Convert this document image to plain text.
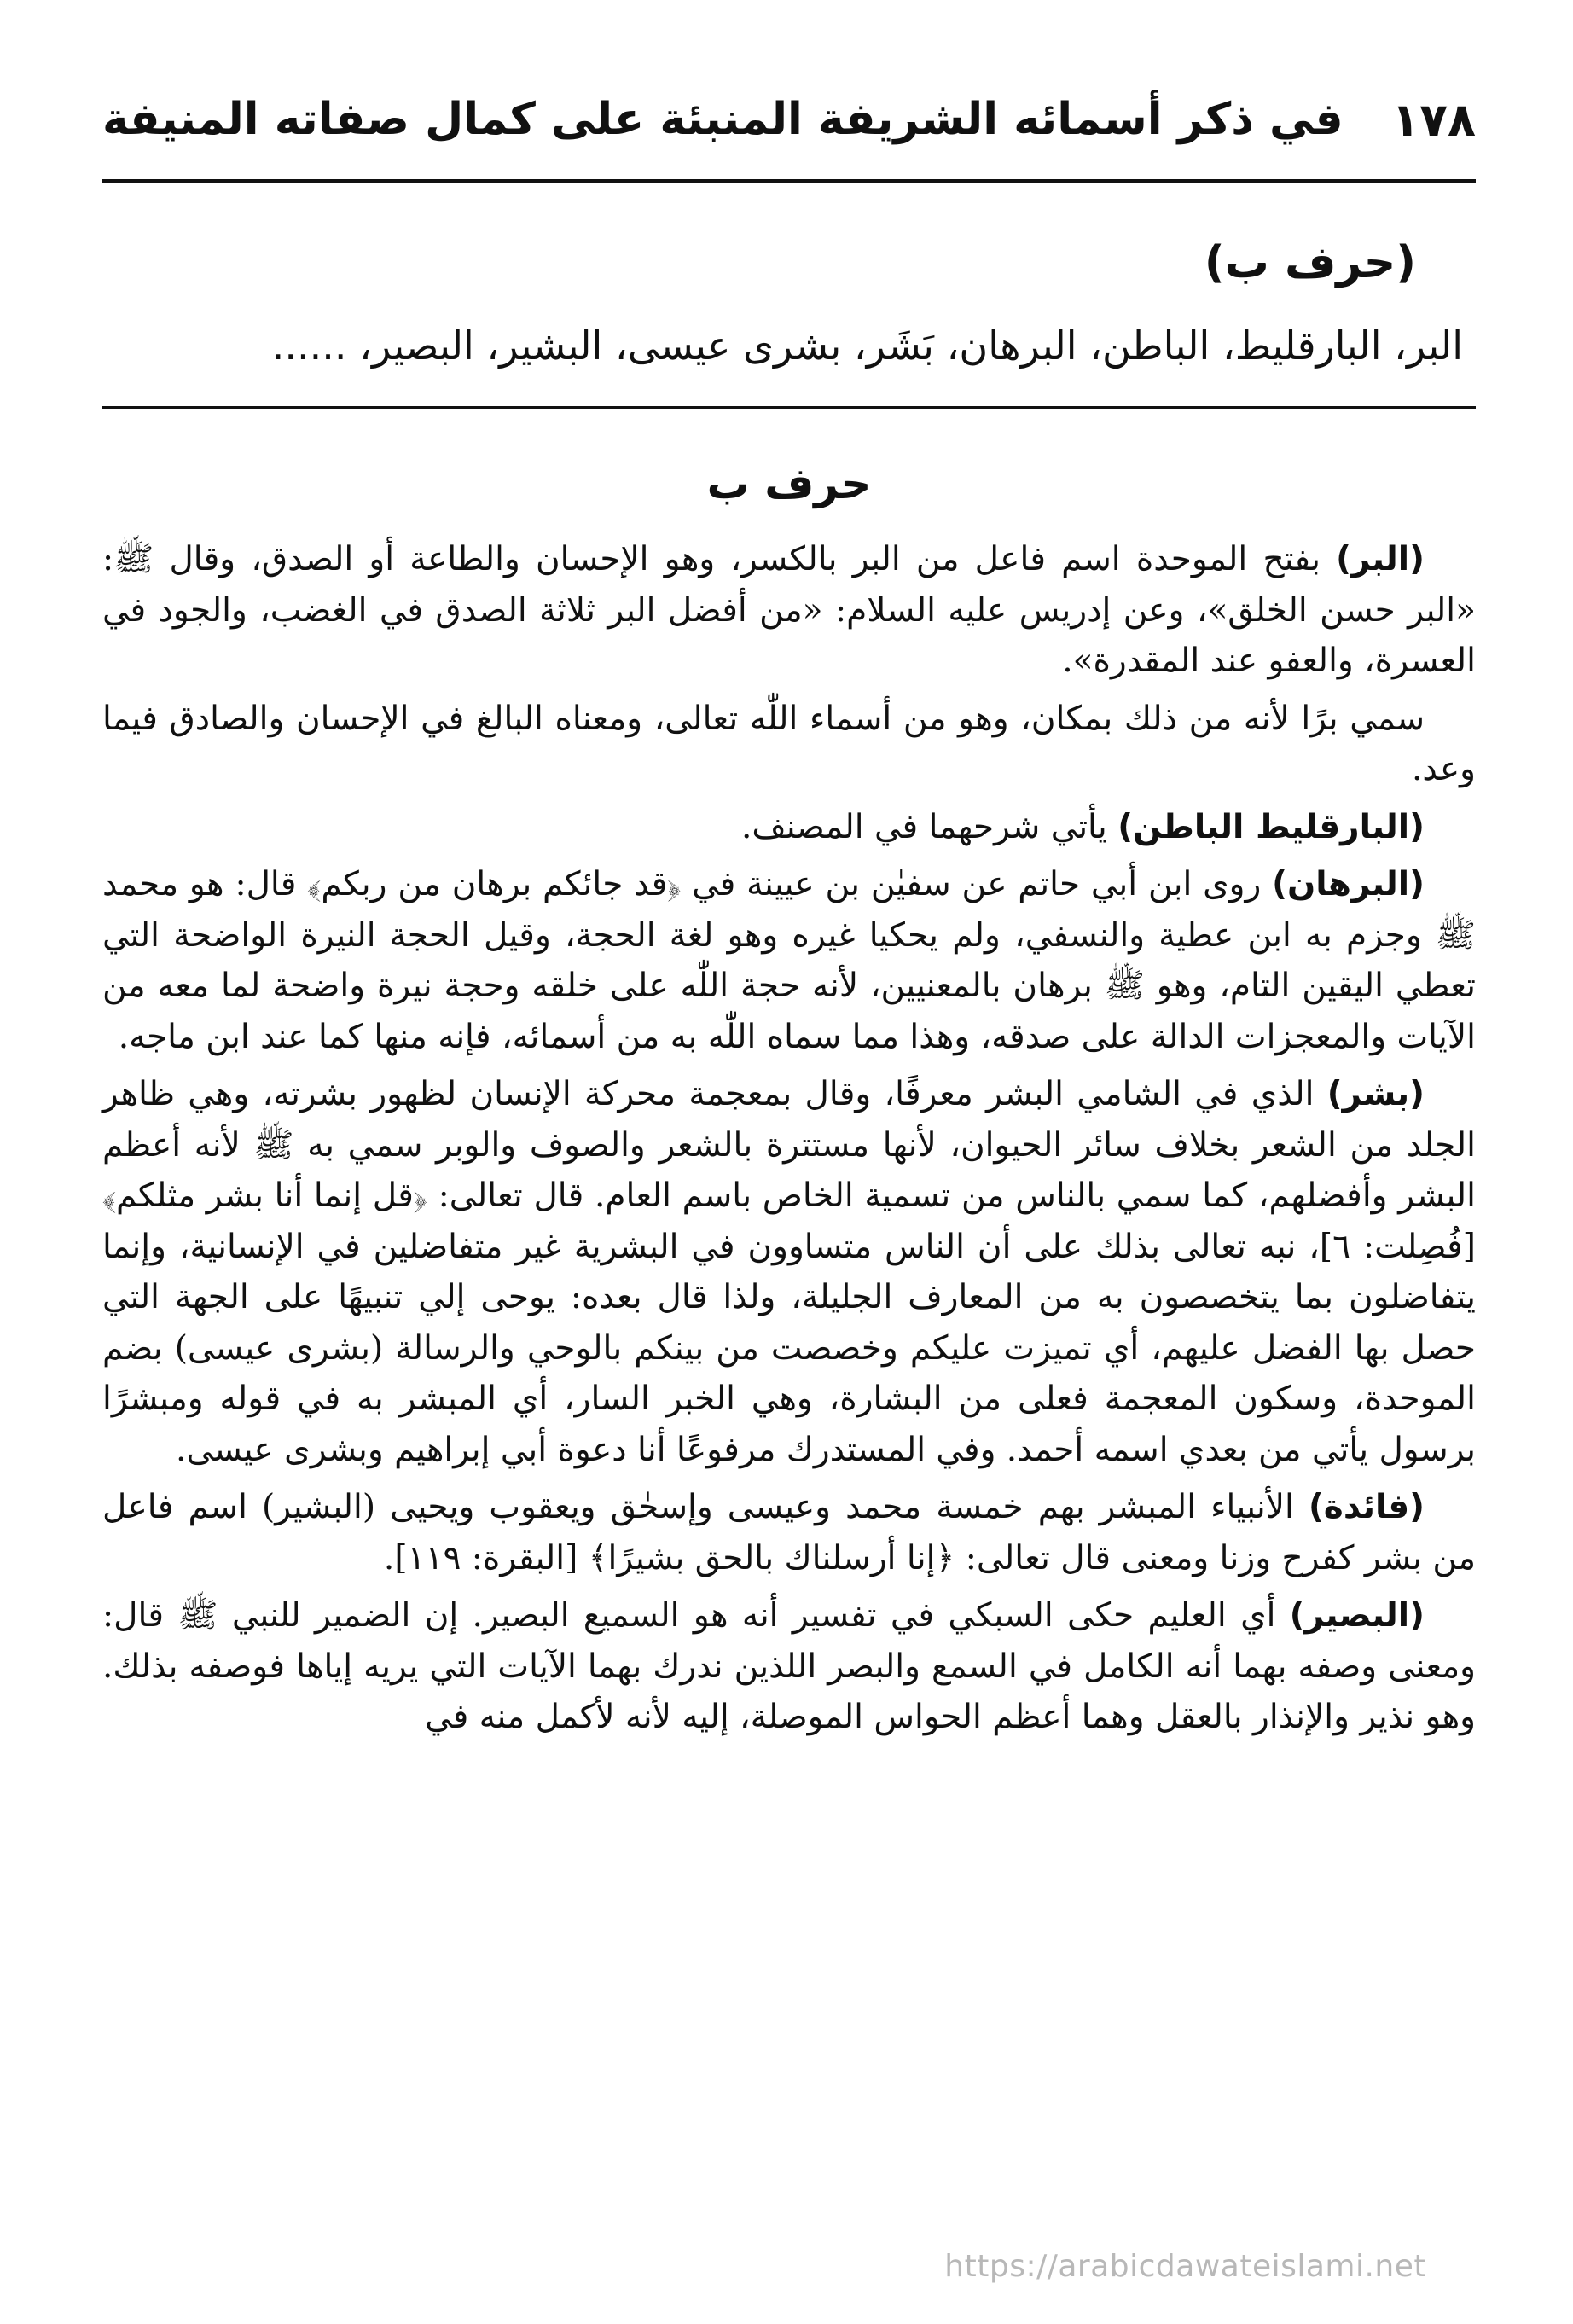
١٧٨
في ذكر أسمائه الشريفة المنبئة على كمال صفاته المنيفة
(حرف ب)
البر، البارقليط، الباطن، البرهان، بَشَر، بشرى عيسى، البشير، البصير، ......
حرف ب

(البر) بفتح الموحدة اسم فاعل من البر بالكسر، وهو الإحسان والطاعة أو الصدق، وقال ﷺ: «البر حسن الخلق»، وعن إدريس عليه السلام: «من أفضل البر ثلاثة الصدق في الغضب، والجود في العسرة، والعفو عند المقدرة».

سمي برًا لأنه من ذلك بمكان، وهو من أسماء اللّٰه تعالى، ومعناه البالغ في الإحسان والصادق فيما وعد.

(البارقليط الباطن) يأتي شرحهما في المصنف.

(البرهان) روى ابن أبي حاتم عن سفيٰن بن عيينة في ﴿قد جائكم برهان من ربكم﴾ قال: هو محمد ﷺ وجزم به ابن عطية والنسفي، ولم يحكيا غيره وهو لغة الحجة، وقيل الحجة النيرة الواضحة التي تعطي اليقين التام، وهو ﷺ برهان بالمعنيين، لأنه حجة اللّٰه على خلقه وحجة نيرة واضحة لما معه من الآيات والمعجزات الدالة على صدقه، وهذا مما سماه اللّٰه به من أسمائه، فإنه منها كما عند ابن ماجه.

(بشر) الذي في الشامي البشر معرفًا، وقال بمعجمة محركة الإنسان لظهور بشرته، وهي ظاهر الجلد من الشعر بخلاف سائر الحيوان، لأنها مستترة بالشعر والصوف والوبر سمي به ﷺ لأنه أعظم البشر وأفضلهم، كما سمي بالناس من تسمية الخاص باسم العام. قال تعالى: ﴿قل إنما أنا بشر مثلكم﴾ [فُصِلت: ٦]، نبه تعالى بذلك على أن الناس متساوون في البشرية غير متفاضلين في الإنسانية، وإنما يتفاضلون بما يتخصصون به من المعارف الجليلة، ولذا قال بعده: يوحى إلي تنبيهًا على الجهة التي حصل بها الفضل عليهم، أي تميزت عليكم وخصصت من بينكم بالوحي والرسالة (بشرى عيسى) بضم الموحدة، وسكون المعجمة فعلى من البشارة، وهي الخبر السار، أي المبشر به في قوله ومبشرًا برسول يأتي من بعدي اسمه أحمد. وفي المستدرك مرفوعًا أنا دعوة أبي إبراهيم وبشرى عيسى.

(فائدة) الأنبياء المبشر بهم خمسة محمد وعيسى وإسحٰق ويعقوب ويحيى (البشير) اسم فاعل من بشر كفرح وزنا ومعنى قال تعالى: ﴿إنا أرسلناك بالحق بشيرًا﴾ [البقرة: ١١٩].

(البصير) أي العليم حكى السبكي في تفسير أنه هو السميع البصير. إن الضمير للنبي ﷺ قال: ومعنى وصفه بهما أنه الكامل في السمع والبصر اللذين ندرك بهما الآيات التي يريه إياها فوصفه بذلك. وهو نذير والإنذار بالعقل وهما أعظم الحواس الموصلة، إليه لأنه لأكمل منه في

https://arabicdawateislami.net
